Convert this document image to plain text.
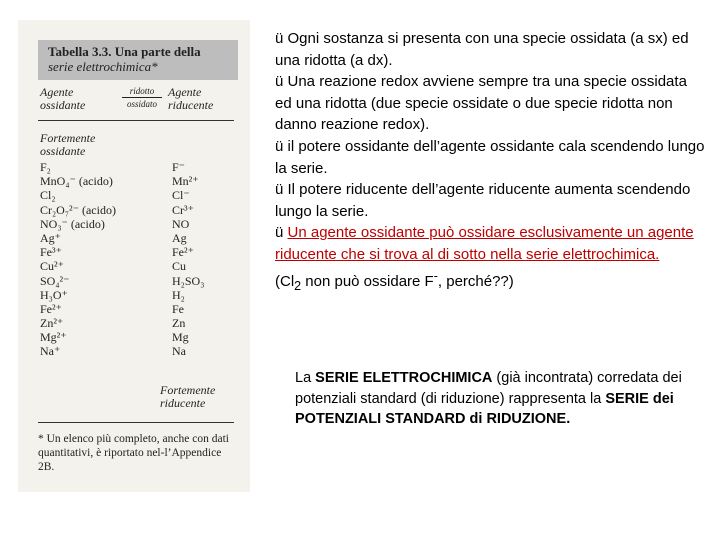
Tabella 3.3. Una parte della
serie elettrochimica*
Agente
ossidante
ridotto
ossidato
Agente
riducente
Fortemente
ossidante
F₂	F⁻
MnO₄⁻ (acido)	Mn²⁺
Cl₂	Cl⁻
Cr₂O₇²⁻ (acido)	Cr³⁺
NO₃⁻ (acido)	NO
Ag⁺	Ag
Fe³⁺	Fe²⁺
Cu²⁺	Cu
SO₄²⁻	H₂SO₃
H₃O⁺	H₂
Fe²⁺	Fe
Zn²⁺	Zn
Mg²⁺	Mg
Na⁺	Na
Fortemente
riducente
* Un elenco più completo, anche con dati quantitativi, è riportato nel-l’Appendice 2B.

ü Ogni sostanza si presenta con una specie ossidata (a sx) ed una ridotta (a dx).

ü Una reazione redox avviene sempre tra una specie ossidata ed una ridotta (due specie ossidate o due specie ridotta non danno reazione redox).

ü il potere ossidante dell’agente ossidante cala scendendo lungo la serie.

ü Il potere riducente dell’agente riducente aumenta scendendo lungo la serie.

ü Un agente ossidante può ossidare esclusivamente un agente riducente che si trova al di sotto nella serie elettrochimica.

($Cl_2$ non può ossidare F-, perché??)

La SERIE ELETTROCHIMICA (già incontrata) corredata dei potenziali standard (di riduzione) rappresenta la SERIE dei POTENZIALI STANDARD di RIDUZIONE.
